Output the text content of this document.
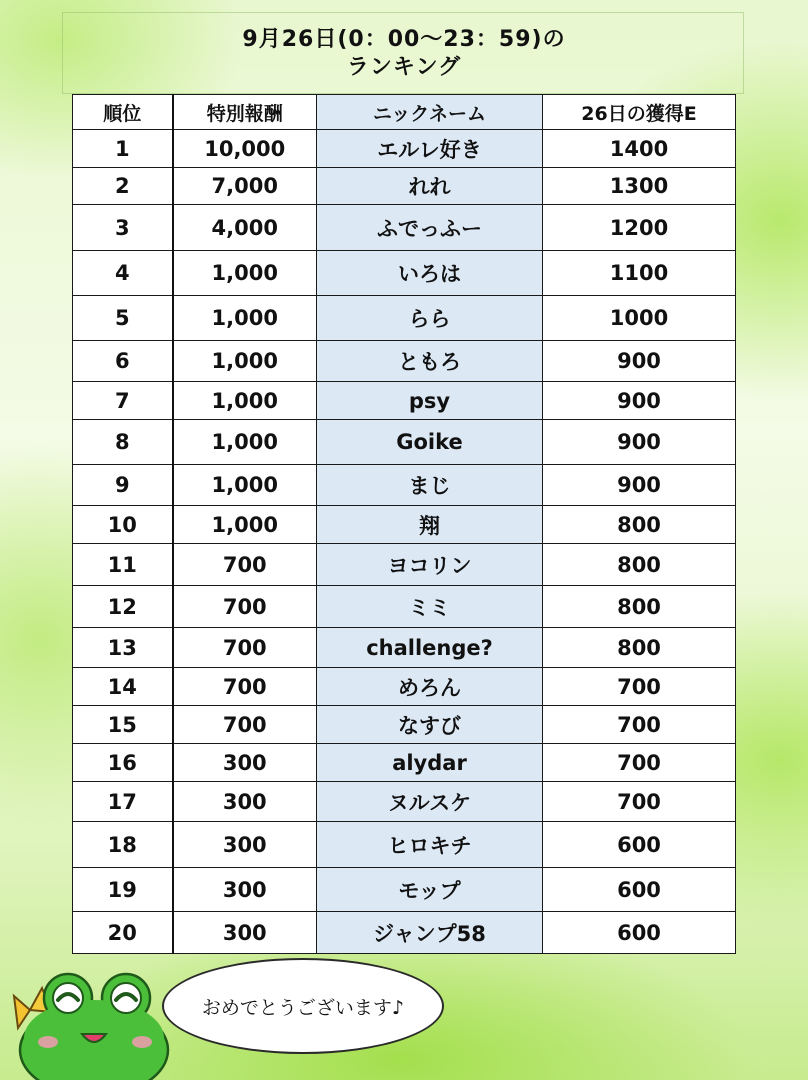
9月26日(0：00～23：59)の
ランキング
順位	特別報酬	ニックネーム	26日の獲得E
1	10,000	エルレ好き	1400
2	7,000	れれ	1300
3	4,000	ふでっふー	1200
4	1,000	いろは	1100
5	1,000	らら	1000
6	1,000	ともろ	900
7	1,000	psy	900
8	1,000	Goike	900
9	1,000	まじ	900
10	1,000	翔	800
11	700	ヨコリン	800
12	700	ミミ	800
13	700	challenge?	800
14	700	めろん	700
15	700	なすび	700
16	300	alydar	700
17	300	ヌルスケ	700
18	300	ヒロキチ	600
19	300	モップ	600
20	300	ジャンプ58	600
おめでとうございます♪
